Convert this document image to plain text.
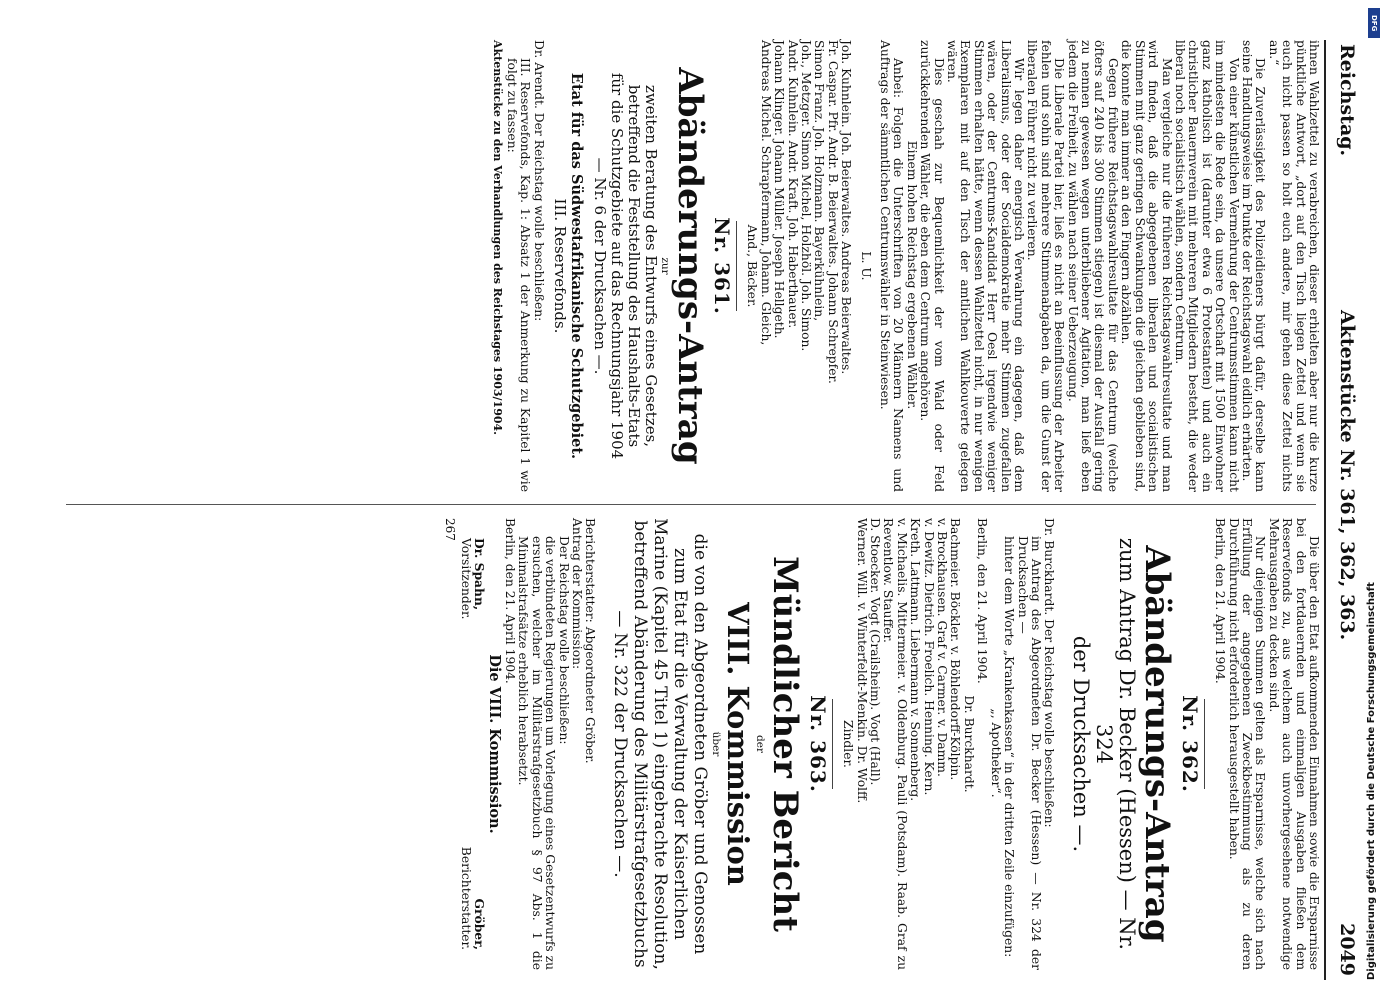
Reichstag.
Aktenstücke Nr. 361, 362, 363.
2049

ihnen Wahlzettel zu verabreichen, dieser erhielten aber nur die kurze pünktliche Antwort, „dort auf den Tisch liegen Zettel und wenn sie euch nicht passen so holt euch andere, mir gehen diese Zettel nichts an.“

Die Zuverlässigkeit des Polizeidieners bürgt dafür, derselbe kann seine Handlungsweise im Punkte der Reichstagswahl eidlich erhärten.

Von einer künstlichen Vermehrung der Centrumsstimmen kann nicht im mindesten die Rede sein, da unsere Ortschaft mit 1500 Einwohner ganz katholisch ist (darunter etwa 6 Protestanten) und auch ein christlicher Bauernverein mit mehreren Mitgliedern besteht, die weder liberal noch socialistisch wählen, sondern Centrum.

Man vergleiche nur die früheren Reichstagswahlresultate und man wird finden, daß die abgegebenen liberalen und socialistischen Stimmen mit ganz geringen Schwankungen die gleichen geblieben sind, die konnte man immer an den Fingern abzählen.

Gegen frühere Reichstagswahlresultate für das Centrum (welche öfters auf 240 bis 300 Stimmen stiegen) ist diesmal der Ausfall gering zu nennen gewesen wegen unterbliebener Agitation, man ließ eben jedem die Freiheit, zu wählen nach seiner Ueberzeugung.

Die Liberale Partei hier, ließ es nicht an Beeinflussung der Arbeiter fehlen und sohin sind mehrere Stimmenabgaben da, um die Gunst der liberalen Führer nicht zu verlieren.

Wir legen daher energisch Verwahrung ein dagegen, daß dem Liberalismus, oder der Socialdemokratie mehr Stimmen zugefallen wären, oder der Centrums-Kandidat Herr Oesl irgendwie weniger Stimmen erhalten hätte, wenn dessen Wahlzettel nicht, in nur wenigen Exemplaren mit auf den Tisch der amtlichen Wahlkouverte gelegen wären.

Dies geschah zur Bequemlichkeit der vom Wald oder Feld zurückkehrenden Wähler, die eben dem Centrum angehören.

Einem hohen Reichstag ergebenen Wähler.

Anbei: Folgen die Unterschriften von 20 Männern Namens und Auftrags der sämmtlichen Centrumswähler in Steinwiesen.

L. U.

Joh. Kuhnlein. Joh. Beierwaltes. Andreas Beierwaltes.

Fr. Caspar. Pfr. Andr. B. Beierwaltes. Johann Schrepfer.

Simon Franz. Joh. Holzmann. Bayerkühnlein,

Joh., Metzger. Simon Michel, Holzhöl. Joh. Simon.

Andr. Kuhnlein. Andr. Kraft. Joh. Haberthauer.

Johann Klinger. Johann Müller. Joseph Hellgeth.

Andreas Michel. Schrapfermann, Johann. Gleich,

And., Bäcker.

Nr. 361.
Abänderungs-Antrag
zur
zweiten Beratung des Entwurfs eines Gesetzes,
betreffend die Feststellung des Haushalts-Etats
für die Schutzgebiete auf das Rechnungsjahr 1904
— Nr. 6 der Drucksachen —.
Etat für das Südwestafrikanische Schutzgebiet.
III. Reservefonds.

Dr. Arendt. Der Reichstag wolle beschließen:

III. Reservefonds, Kap. 1: Absatz 1 der Anmerkung zu Kapitel 1 wie folgt zu fassen:

Aktenstücke zu den Verhandlungen des Reichstages 1903/1904.

Die über den Etat aufkommenden Einnahmen sowie die Ersparnisse bei den fortdauernden und einmaligen Ausgaben fließen dem Reservefonds zu, aus welchem auch unvorhergesehene notwendige Mehrausgaben zu decken sind.

Nur diejenigen Summen gelten als Ersparnisse, welche sich nach Erfüllung der angegebenen Zweckbestimmung als zu deren Durchführung nicht erforderlich herausgestellt haben.

Berlin, den 21. April 1904.

Nr. 362.
Abänderungs-Antrag
zum Antrag Dr. Becker (Hessen) — Nr. 324
der Drucksachen —.

Dr. Burckhardt. Der Reichstag wolle beschließen:

im Antrag des Abgeordneten Dr. Becker (Hessen) — Nr. 324 der Drucksachen —

hinter dem Worte „Krankenkassen“ in der dritten Zeile einzufügen:

„, Apotheker“.

Berlin, den 21. April 1904.

Dr. Burckhardt.

Bachmeier. Böckler. v. Böhlendorff-Kölpin.

v. Brockhausen. Graf v. Carmer. v. Damm.

v. Dewitz. Dietrich. Froelich. Henning. Kern.

Kreth. Lattmann. Liebermann v. Sonnenberg.

v. Michaelis. Mittermeier. v. Oldenburg. Pauli (Potsdam). Raab. Graf zu Reventlow. Stauffer.

D. Stoecker. Vogt (Crailsheim). Vogt (Hall).

Werner. Will. v. Winterfeldt-Menkin. Dr. Wolff.

Zindler.

Nr. 363.
Mündlicher Bericht
der
VIII. Kommission
über
die von den Abgeordneten Gröber und Genossen zum Etat für die Verwaltung der Kaiserlichen Marine (Kapitel 45 Titel 1) eingebrachte Resolution, betreffend Abänderung des Militärstrafgesetzbuchs — Nr. 322 der Drucksachen —.

Berichterstatter: Abgeordneter Gröber.

Antrag der Kommission:

Der Reichstag wolle beschließen:

die verbündeten Regierungen um Vorlegung eines Gesetzentwurfs zu ersuchen, welcher im Militärstrafgesetzbuch § 97 Abs. 1 die Minimalstrafsätze erheblich herabsetzt.

Berlin, den 21. April 1904.

Die VIII. Kommission.
Dr. Spahn,
Vorsitzender.
Gröber,
Berichterstatter.

267

Digitalisierung gefördert durch die Deutsche Forschungsgemeinschaft
DFG
